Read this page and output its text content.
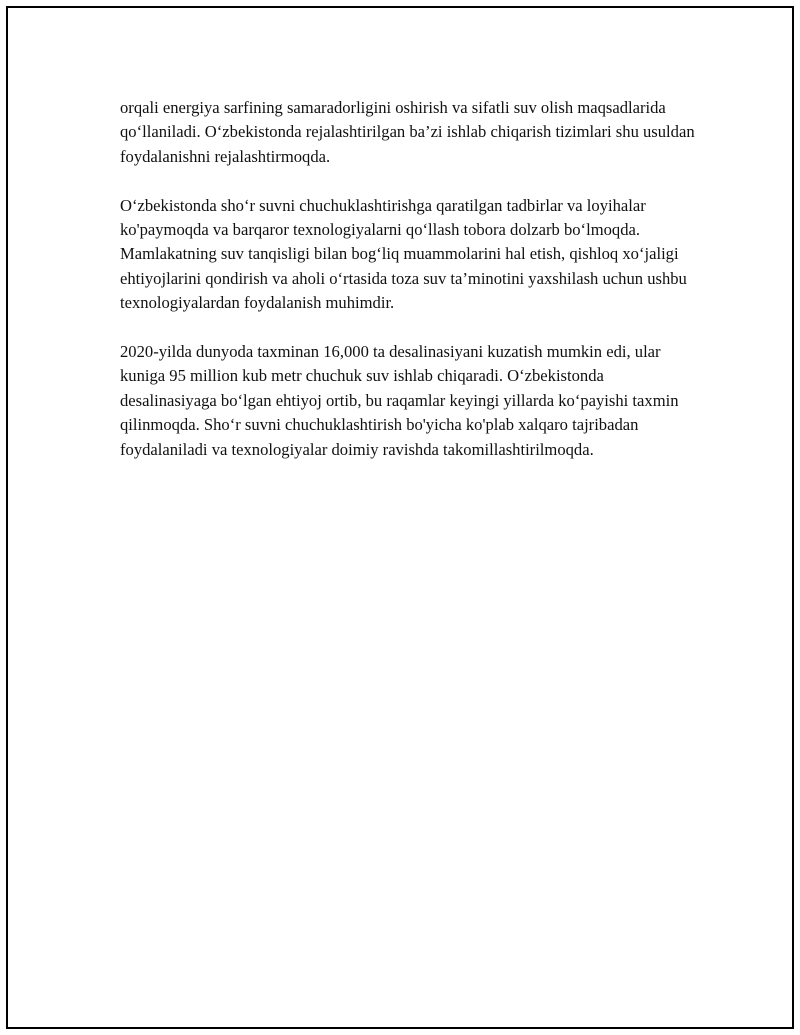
orqali energiya sarfining samaradorligini oshirish va sifatli suv olish maqsadlarida qo‘llaniladi. O‘zbekistonda rejalashtirilgan ba’zi ishlab chiqarish tizimlari shu usuldan foydalanishni rejalashtirmoqda.

O‘zbekistonda sho‘r suvni chuchuklashtirishga qaratilgan tadbirlar va loyihalar ko'paymoqda va barqaror texnologiyalarni qo‘llash tobora dolzarb bo‘lmoqda. Mamlakatning suv tanqisligi bilan bog‘liq muammolarini hal etish, qishloq xo‘jaligi ehtiyojlarini qondirish va aholi o‘rtasida toza suv ta’minotini yaxshilash uchun ushbu texnologiyalardan foydalanish muhimdir.

2020-yilda dunyoda taxminan 16,000 ta desalinasiyani kuzatish mumkin edi, ular kuniga 95 million kub metr chuchuk suv ishlab chiqaradi. O‘zbekistonda desalinasiyaga bo‘lgan ehtiyoj ortib, bu raqamlar keyingi yillarda ko‘payishi taxmin qilinmoqda. Sho‘r suvni chuchuklashtirish bo'yicha ko'plab xalqaro tajribadan foydalaniladi va texnologiyalar doimiy ravishda takomillashtirilmoqda.
